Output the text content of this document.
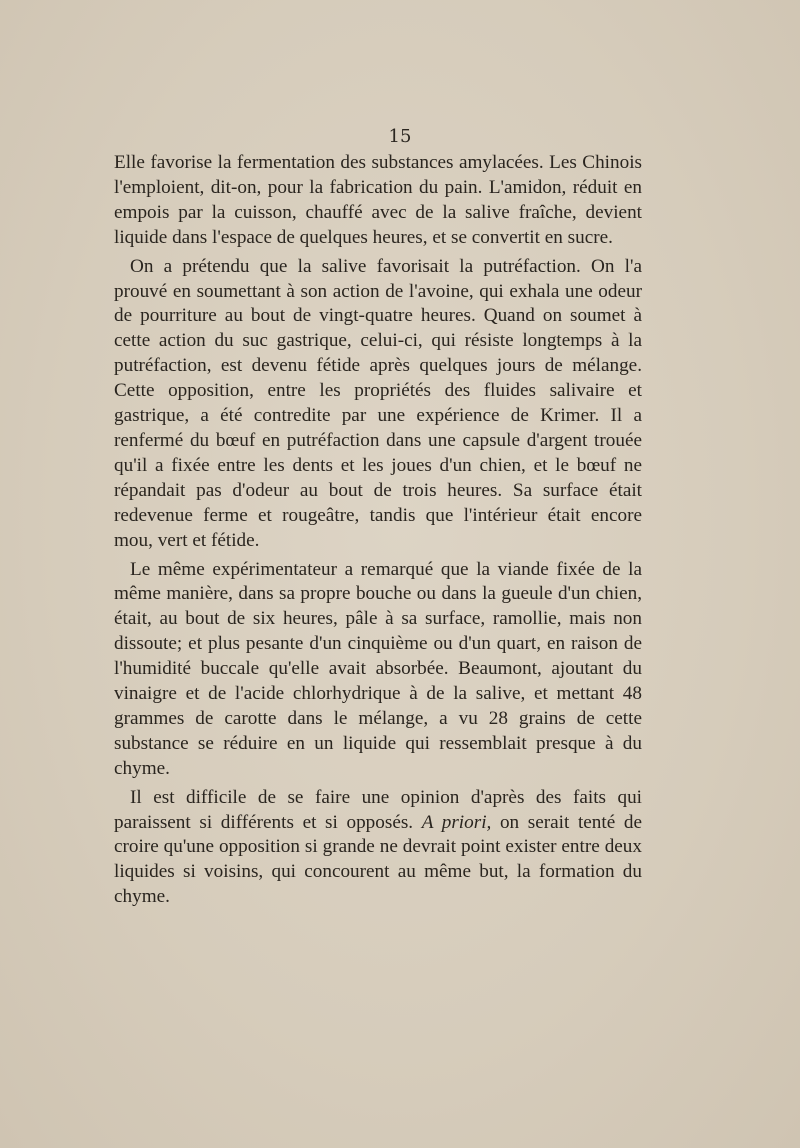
15

Elle favorise la fermentation des substances amylacées. Les Chinois l'emploient, dit-on, pour la fabrication du pain. L'amidon, réduit en empois par la cuisson, chauffé avec de la salive fraîche, devient liquide dans l'espace de quelques heures, et se convertit en sucre.

On a prétendu que la salive favorisait la putréfaction. On l'a prouvé en soumettant à son action de l'avoine, qui exhala une odeur de pourriture au bout de vingt-quatre heures. Quand on soumet à cette action du suc gastrique, celui-ci, qui résiste longtemps à la putréfaction, est devenu fétide après quelques jours de mélange. Cette opposition, entre les propriétés des fluides salivaire et gastrique, a été contredite par une expérience de Krimer. Il a renfermé du bœuf en putréfaction dans une capsule d'argent trouée qu'il a fixée entre les dents et les joues d'un chien, et le bœuf ne répandait pas d'odeur au bout de trois heures. Sa surface était redevenue ferme et rougeâtre, tandis que l'intérieur était encore mou, vert et fétide.

Le même expérimentateur a remarqué que la viande fixée de la même manière, dans sa propre bouche ou dans la gueule d'un chien, était, au bout de six heures, pâle à sa surface, ramollie, mais non dissoute; et plus pesante d'un cinquième ou d'un quart, en raison de l'humidité buccale qu'elle avait absorbée. Beaumont, ajoutant du vinaigre et de l'acide chlorhydrique à de la salive, et mettant 48 grammes de carotte dans le mélange, a vu 28 grains de cette substance se réduire en un liquide qui ressemblait presque à du chyme.

Il est difficile de se faire une opinion d'après des faits qui paraissent si différents et si opposés. A priori, on serait tenté de croire qu'une opposition si grande ne devrait point exister entre deux liquides si voisins, qui concourent au même but, la formation du chyme.
